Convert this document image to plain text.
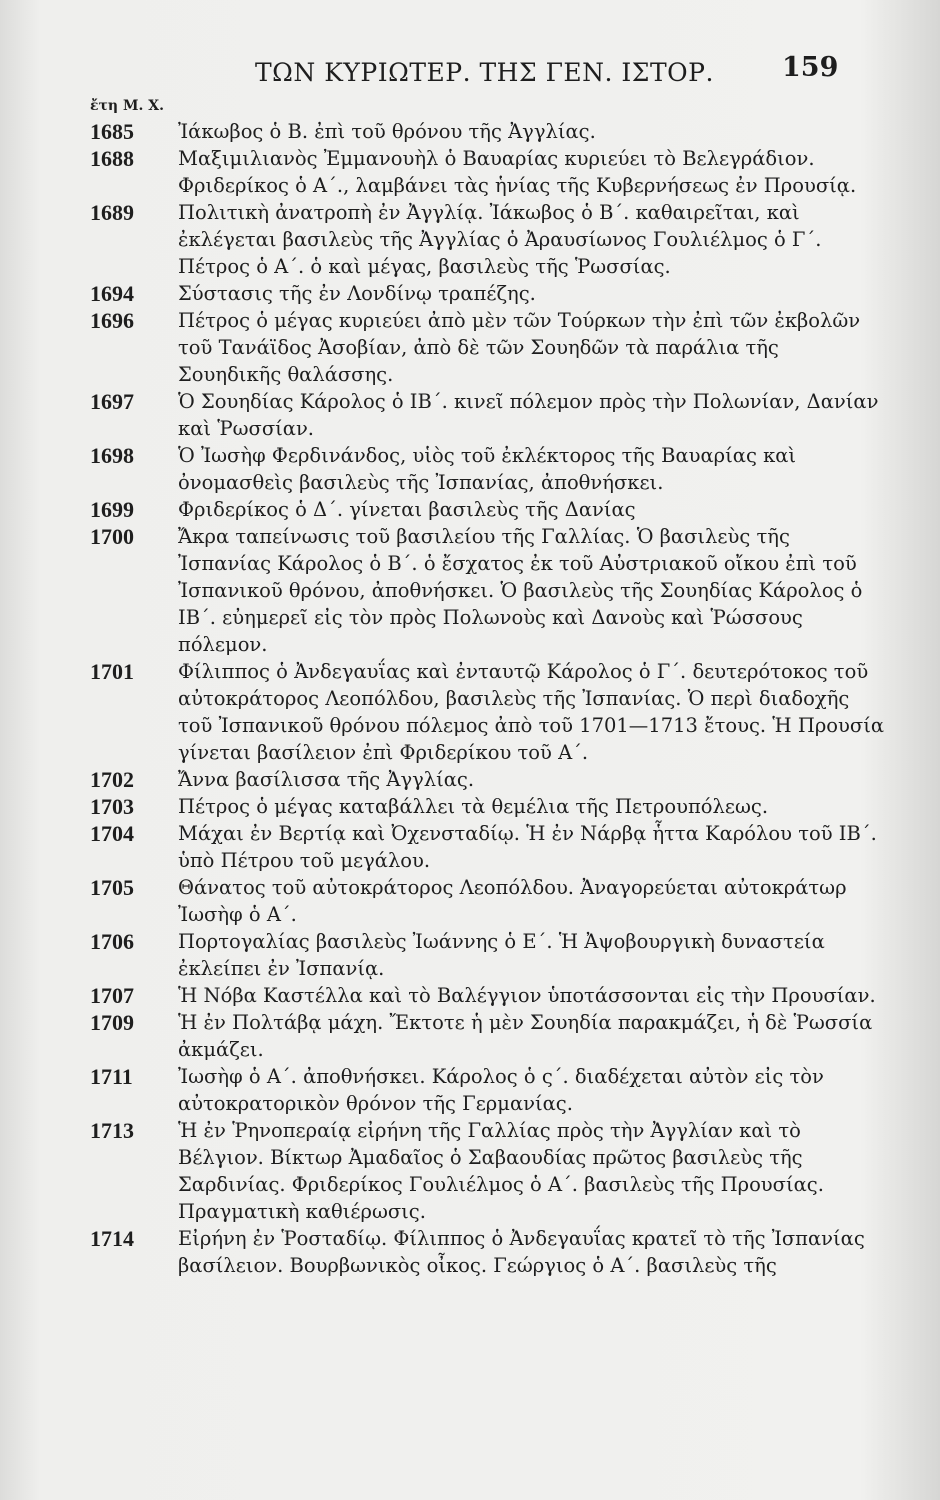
ΤΩΝ ΚΥΡΙΩΤΕΡ. ΤΗΣ ΓΕΝ. ΙΣΤΟΡ.	159
ἔτη Μ. Χ.
1685 Ἰάκωβος ὁ Β. ἐπὶ τοῦ θρόνου τῆς Ἀγγλίας.
1688 Μαξιμιλιανὸς Ἐμμανουὴλ ὁ Βαυαρίας κυριεύει τὸ Βελεγράδιον. Φριδερίκος ὁ Α΄., λαμβάνει τὰς ἡνίας τῆς Κυβερνήσεως ἐν Προυσίᾳ.
1689 Πολιτικὴ ἀνατροπὴ ἐν Ἀγγλίᾳ. Ἰάκωβος ὁ Β΄. καθαιρεῖται, καὶ ἐκλέγεται βασιλεὺς τῆς Ἀγγλίας ὁ Ἀραυσίωνος Γουλιέλμος ὁ Γ΄. Πέτρος ὁ Α΄. ὁ καὶ μέγας, βασιλεὺς τῆς Ῥωσσίας.
1694 Σύστασις τῆς ἐν Λονδίνῳ τραπέζης.
1696 Πέτρος ὁ μέγας κυριεύει ἀπὸ μὲν τῶν Τούρκων τὴν ἐπὶ τῶν ἐκβολῶν τοῦ Τανάϊδος Ἀσοβίαν, ἀπὸ δὲ τῶν Σουηδῶν τὰ παράλια τῆς Σουηδικῆς θαλάσσης.
1697 Ὁ Σουηδίας Κάρολος ὁ ΙΒ΄. κινεῖ πόλεμον πρὸς τὴν Πολωνίαν, Δανίαν καὶ Ῥωσσίαν.
1698 Ὁ Ἰωσὴφ Φερδινάνδος, υἱὸς τοῦ ἐκλέκτορος τῆς Βαυαρίας καὶ ὀνομασθεὶς βασιλεὺς τῆς Ἰσπανίας, ἀποθνήσκει.
1699 Φριδερίκος ὁ Δ΄. γίνεται βασιλεὺς τῆς Δανίας
1700 Ἄκρα ταπείνωσις τοῦ βασιλείου τῆς Γαλλίας. Ὁ βασιλεὺς τῆς Ἰσπανίας Κάρολος ὁ Β΄. ὁ ἔσχατος ἐκ τοῦ Αὐστριακοῦ οἴκου ἐπὶ τοῦ Ἰσπανικοῦ θρόνου, ἀποθνήσκει. Ὁ βασιλεὺς τῆς Σουηδίας Κάρολος ὁ ΙΒ΄. εὐημερεῖ εἰς τὸν πρὸς Πολωνοὺς καὶ Δανοὺς καὶ Ῥώσσους πόλεμον.
1701 Φίλιππος ὁ Ἀνδεγαυΐας καὶ ἐνταυτῷ Κάρολος ὁ Γ΄. δευτερότοκος τοῦ αὐτοκράτορος Λεοπόλδου, βασιλεὺς τῆς Ἰσπανίας. Ὁ περὶ διαδοχῆς τοῦ Ἰσπανικοῦ θρόνου πόλεμος ἀπὸ τοῦ 1701—1713 ἔτους. Ἡ Προυσία γίνεται βασίλειον ἐπὶ Φριδερίκου τοῦ Α΄.
1702 Ἄννα βασίλισσα τῆς Ἀγγλίας.
1703 Πέτρος ὁ μέγας καταβάλλει τὰ θεμέλια τῆς Πετρουπόλεως.
1704 Μάχαι ἐν Βερτίᾳ καὶ Ὀχενσταδίῳ. Ἡ ἐν Νάρβᾳ ἧττα Καρόλου τοῦ ΙΒ΄. ὑπὸ Πέτρου τοῦ μεγάλου.
1705 Θάνατος τοῦ αὐτοκράτορος Λεοπόλδου. Ἀναγορεύεται αὐτοκράτωρ Ἰωσὴφ ὁ Α΄.
1706 Πορτογαλίας βασιλεὺς Ἰωάννης ὁ Ε΄. Ἡ Ἀψοβουργικὴ δυναστεία ἐκλείπει ἐν Ἰσπανίᾳ.
1707 Ἡ Νόβα Καστέλλα καὶ τὸ Βαλέγγιον ὑποτάσσονται εἰς τὴν Προυσίαν.
1709 Ἡ ἐν Πολτάβᾳ μάχη. Ἔκτοτε ἡ μὲν Σουηδία παρακμάζει, ἡ δὲ Ῥωσσία ἀκμάζει.
1711 Ἰωσὴφ ὁ Α΄. ἀποθνήσκει. Κάρολος ὁ ς΄. διαδέχεται αὐτὸν εἰς τὸν αὐτοκρατορικὸν θρόνον τῆς Γερμανίας.
1713 Ἡ ἐν Ῥηνοπεραίᾳ εἰρήνη τῆς Γαλλίας πρὸς τὴν Ἀγγλίαν καὶ τὸ Βέλγιον. Βίκτωρ Ἀμαδαῖος ὁ Σαβαουδίας πρῶτος βασιλεὺς τῆς Σαρδινίας. Φριδερίκος Γουλιέλμος ὁ Α΄. βασιλεὺς τῆς Προυσίας. Πραγματικὴ καθιέρωσις.
1714 Εἰρήνη ἐν Ῥοσταδίῳ. Φίλιππος ὁ Ἀνδεγαυΐας κρατεῖ τὸ τῆς Ἰσπανίας βασίλειον. Βουρβωνικὸς οἶκος. Γεώργιος ὁ Α΄. βασιλεὺς τῆς
